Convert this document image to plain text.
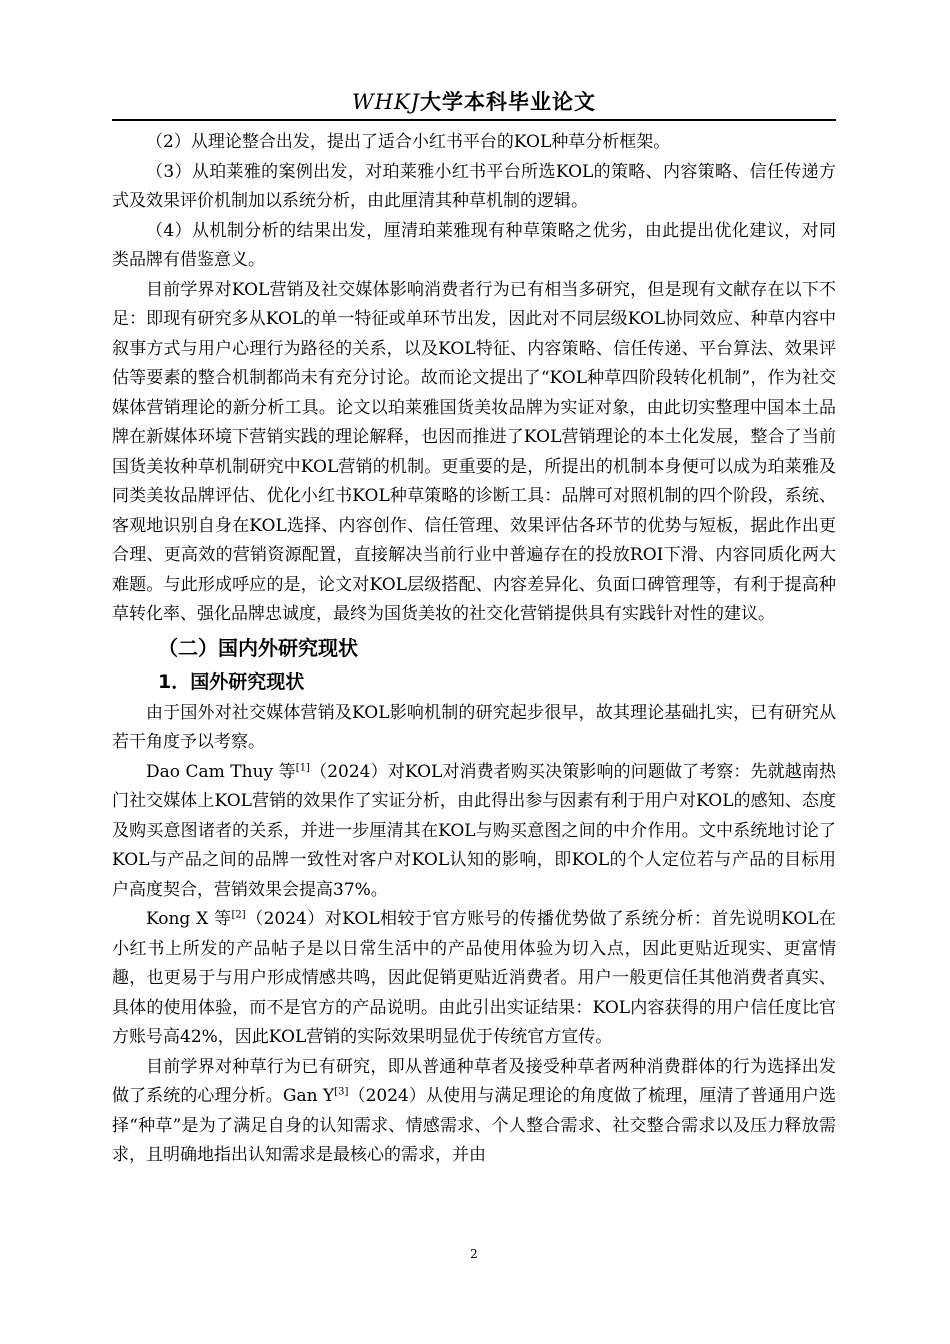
WHKJ大学本科毕业论文

（2）从理论整合出发，提出了适合小红书平台的KOL种草分析框架。

（3）从珀莱雅的案例出发，对珀莱雅小红书平台所选KOL的策略、内容策略、信任传递方式及效果评价机制加以系统分析，由此厘清其种草机制的逻辑。

（4）从机制分析的结果出发，厘清珀莱雅现有种草策略之优劣，由此提出优化建议，对同类品牌有借鉴意义。

目前学界对KOL营销及社交媒体影响消费者行为已有相当多研究，但是现有文献存在以下不足：即现有研究多从KOL的单一特征或单环节出发，因此对不同层级KOL协同效应、种草内容中叙事方式与用户心理行为路径的关系，以及KOL特征、内容策略、信任传递、平台算法、效果评估等要素的整合机制都尚未有充分讨论。故而论文提出了“KOL种草四阶段转化机制”，作为社交媒体营销理论的新分析工具。论文以珀莱雅国货美妆品牌为实证对象，由此切实整理中国本土品牌在新媒体环境下营销实践的理论解释，也因而推进了KOL营销理论的本土化发展，整合了当前国货美妆种草机制研究中KOL营销的机制。更重要的是，所提出的机制本身便可以成为珀莱雅及同类美妆品牌评估、优化小红书KOL种草策略的诊断工具：品牌可对照机制的四个阶段，系统、客观地识别自身在KOL选择、内容创作、信任管理、效果评估各环节的优势与短板，据此作出更合理、更高效的营销资源配置，直接解决当前行业中普遍存在的投放ROI下滑、内容同质化两大难题。与此形成呼应的是，论文对KOL层级搭配、内容差异化、负面口碑管理等，有利于提高种草转化率、强化品牌忠诚度，最终为国货美妆的社交化营销提供具有实践针对性的建议。

（二）国内外研究现状
1．国外研究现状

由于国外对社交媒体营销及KOL影响机制的研究起步很早，故其理论基础扎实，已有研究从若干角度予以考察。

Dao Cam Thuy 等[1]（2024）对KOL对消费者购买决策影响的问题做了考察：先就越南热门社交媒体上KOL营销的效果作了实证分析，由此得出参与因素有利于用户对KOL的感知、态度及购买意图诸者的关系，并进一步厘清其在KOL与购买意图之间的中介作用。文中系统地讨论了KOL与产品之间的品牌一致性对客户对KOL认知的影响，即KOL的个人定位若与产品的目标用户高度契合，营销效果会提高37%。

Kong X 等[2]（2024）对KOL相较于官方账号的传播优势做了系统分析：首先说明KOL在小红书上所发的产品帖子是以日常生活中的产品使用体验为切入点，因此更贴近现实、更富情趣，也更易于与用户形成情感共鸣，因此促销更贴近消费者。用户一般更信任其他消费者真实、具体的使用体验，而不是官方的产品说明。由此引出实证结果：KOL内容获得的用户信任度比官方账号高42%，因此KOL营销的实际效果明显优于传统官方宣传。

目前学界对种草行为已有研究，即从普通种草者及接受种草者两种消费群体的行为选择出发做了系统的心理分析。Gan Y[3]（2024）从使用与满足理论的角度做了梳理，厘清了普通用户选择“种草”是为了满足自身的认知需求、情感需求、个人整合需求、社交整合需求以及压力释放需求，且明确地指出认知需求是最核心的需求，并由

2
